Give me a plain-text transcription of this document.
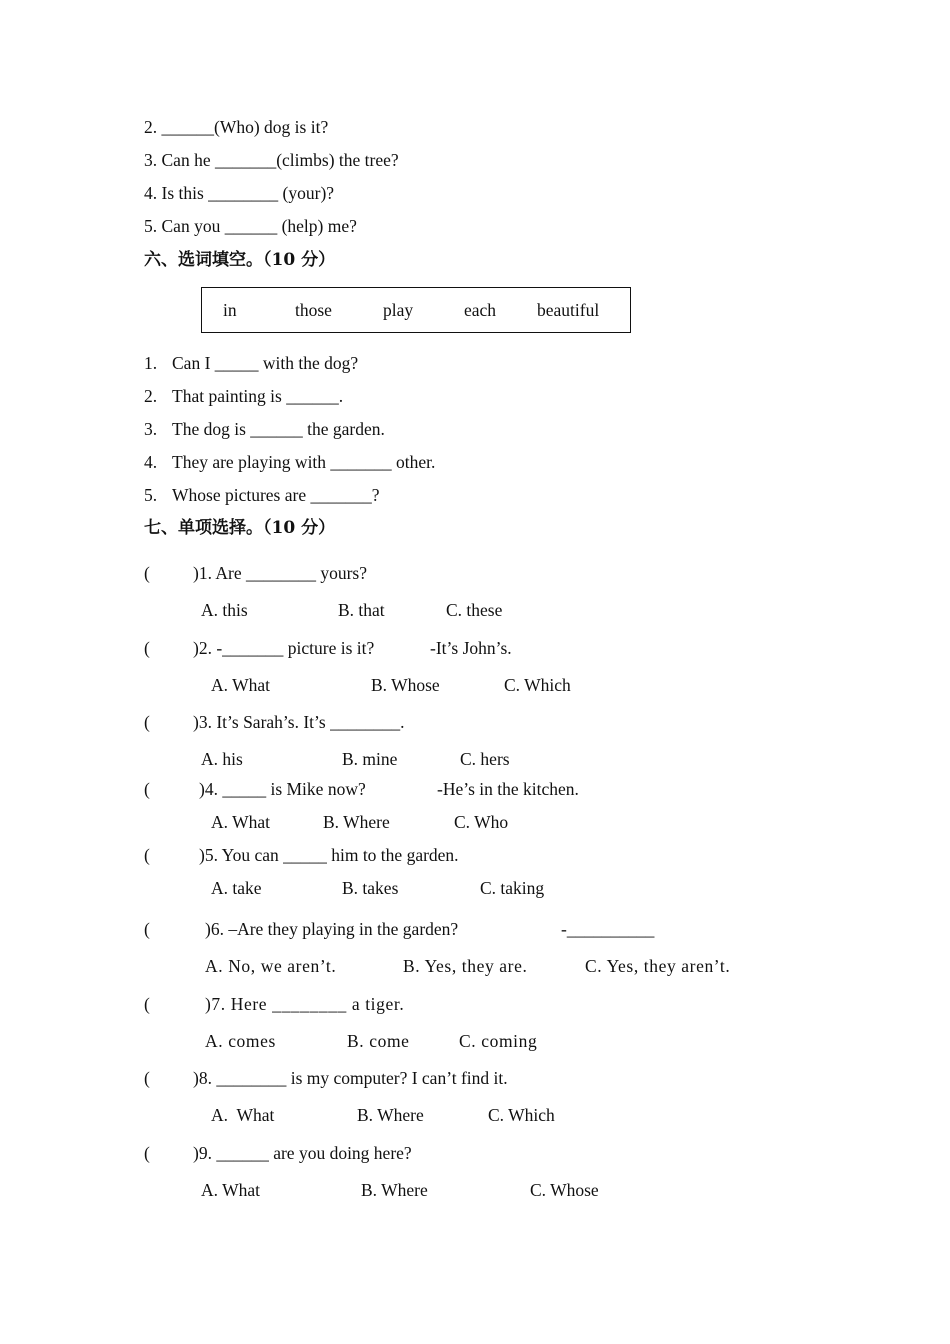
2. ______(Who) dog is it?
3. Can he _______(climbs) the tree?
4. Is this ________ (your)?
5. Can you ______ (help) me?
六、选词填空。（10 分）
in	those	play	each beautiful
1. Can I _____ with the dog?
2. That painting is ______.
3. The dog is ______ the garden.
4. They are playing with _______ other.
5. Whose pictures are _______?
七、单项选择。（10 分）
( )1. Are ________ yours?
A. this	B. that	C. these
( )2. -_______ picture is it?	-It’s John’s.
A. What	B. Whose	C. Which
( )3. It’s Sarah’s. It’s ________.
A. his	B. mine	C. hers
(	)4. _____ is Mike now?	-He’s in the kitchen.
A. What	B. Where	C. Who
(	)5. You can _____ him to the garden.
A. take	B. takes	C. taking
(	)6. –Are they playing in the garden?	-__________
A. No, we aren’t.	B. Yes, they are.	C. Yes, they aren’t.
(	)7. Here ________ a tiger.
A. comes	B. come	C. coming
( )8. ________ is my computer? I can’t find it.
A.  What	B. Where	C. Which
( )9. ______ are you doing here?
A. What	B. Where	C. Whose
